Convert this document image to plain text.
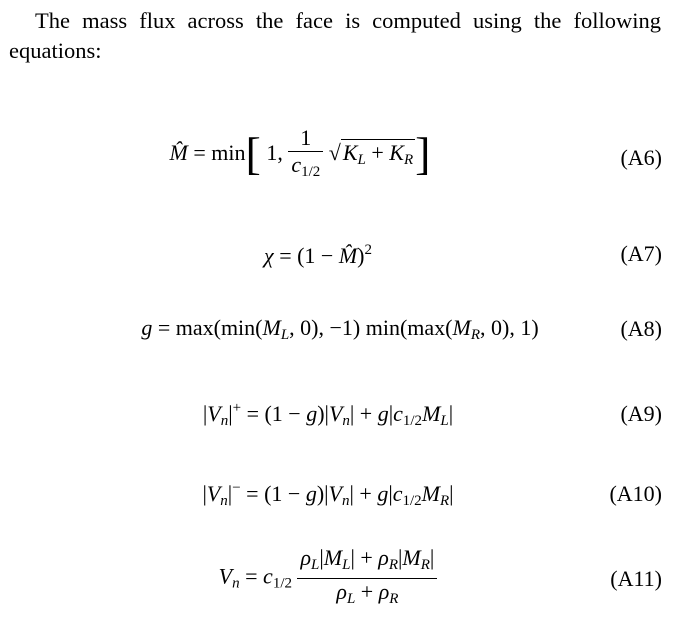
The mass flux across the face is computed using the following equations:
M̂ = min[ 1, $\frac{1}{c_{1/2}} √K_L + K_R$]	(A6)
χ = (1 − M̂)$^2$	(A7)
$g = \max(\min(M_L$, 0), −1) $\min(\max(M_R$, 0), 1)	(A8)
$|V_n|^+ = (1 - g)|V_n| + g|c_{1/2}M_L|$	(A9)
$|V_n|^- = (1 - g)|V_n| + g|c_{1/2}M_R|$	(A10)
$V_n = c_{1/2} \frac{\rho_L|M_L| + \rho_R|M_R|}{\rho_L + \rho_R}$	(A11)
